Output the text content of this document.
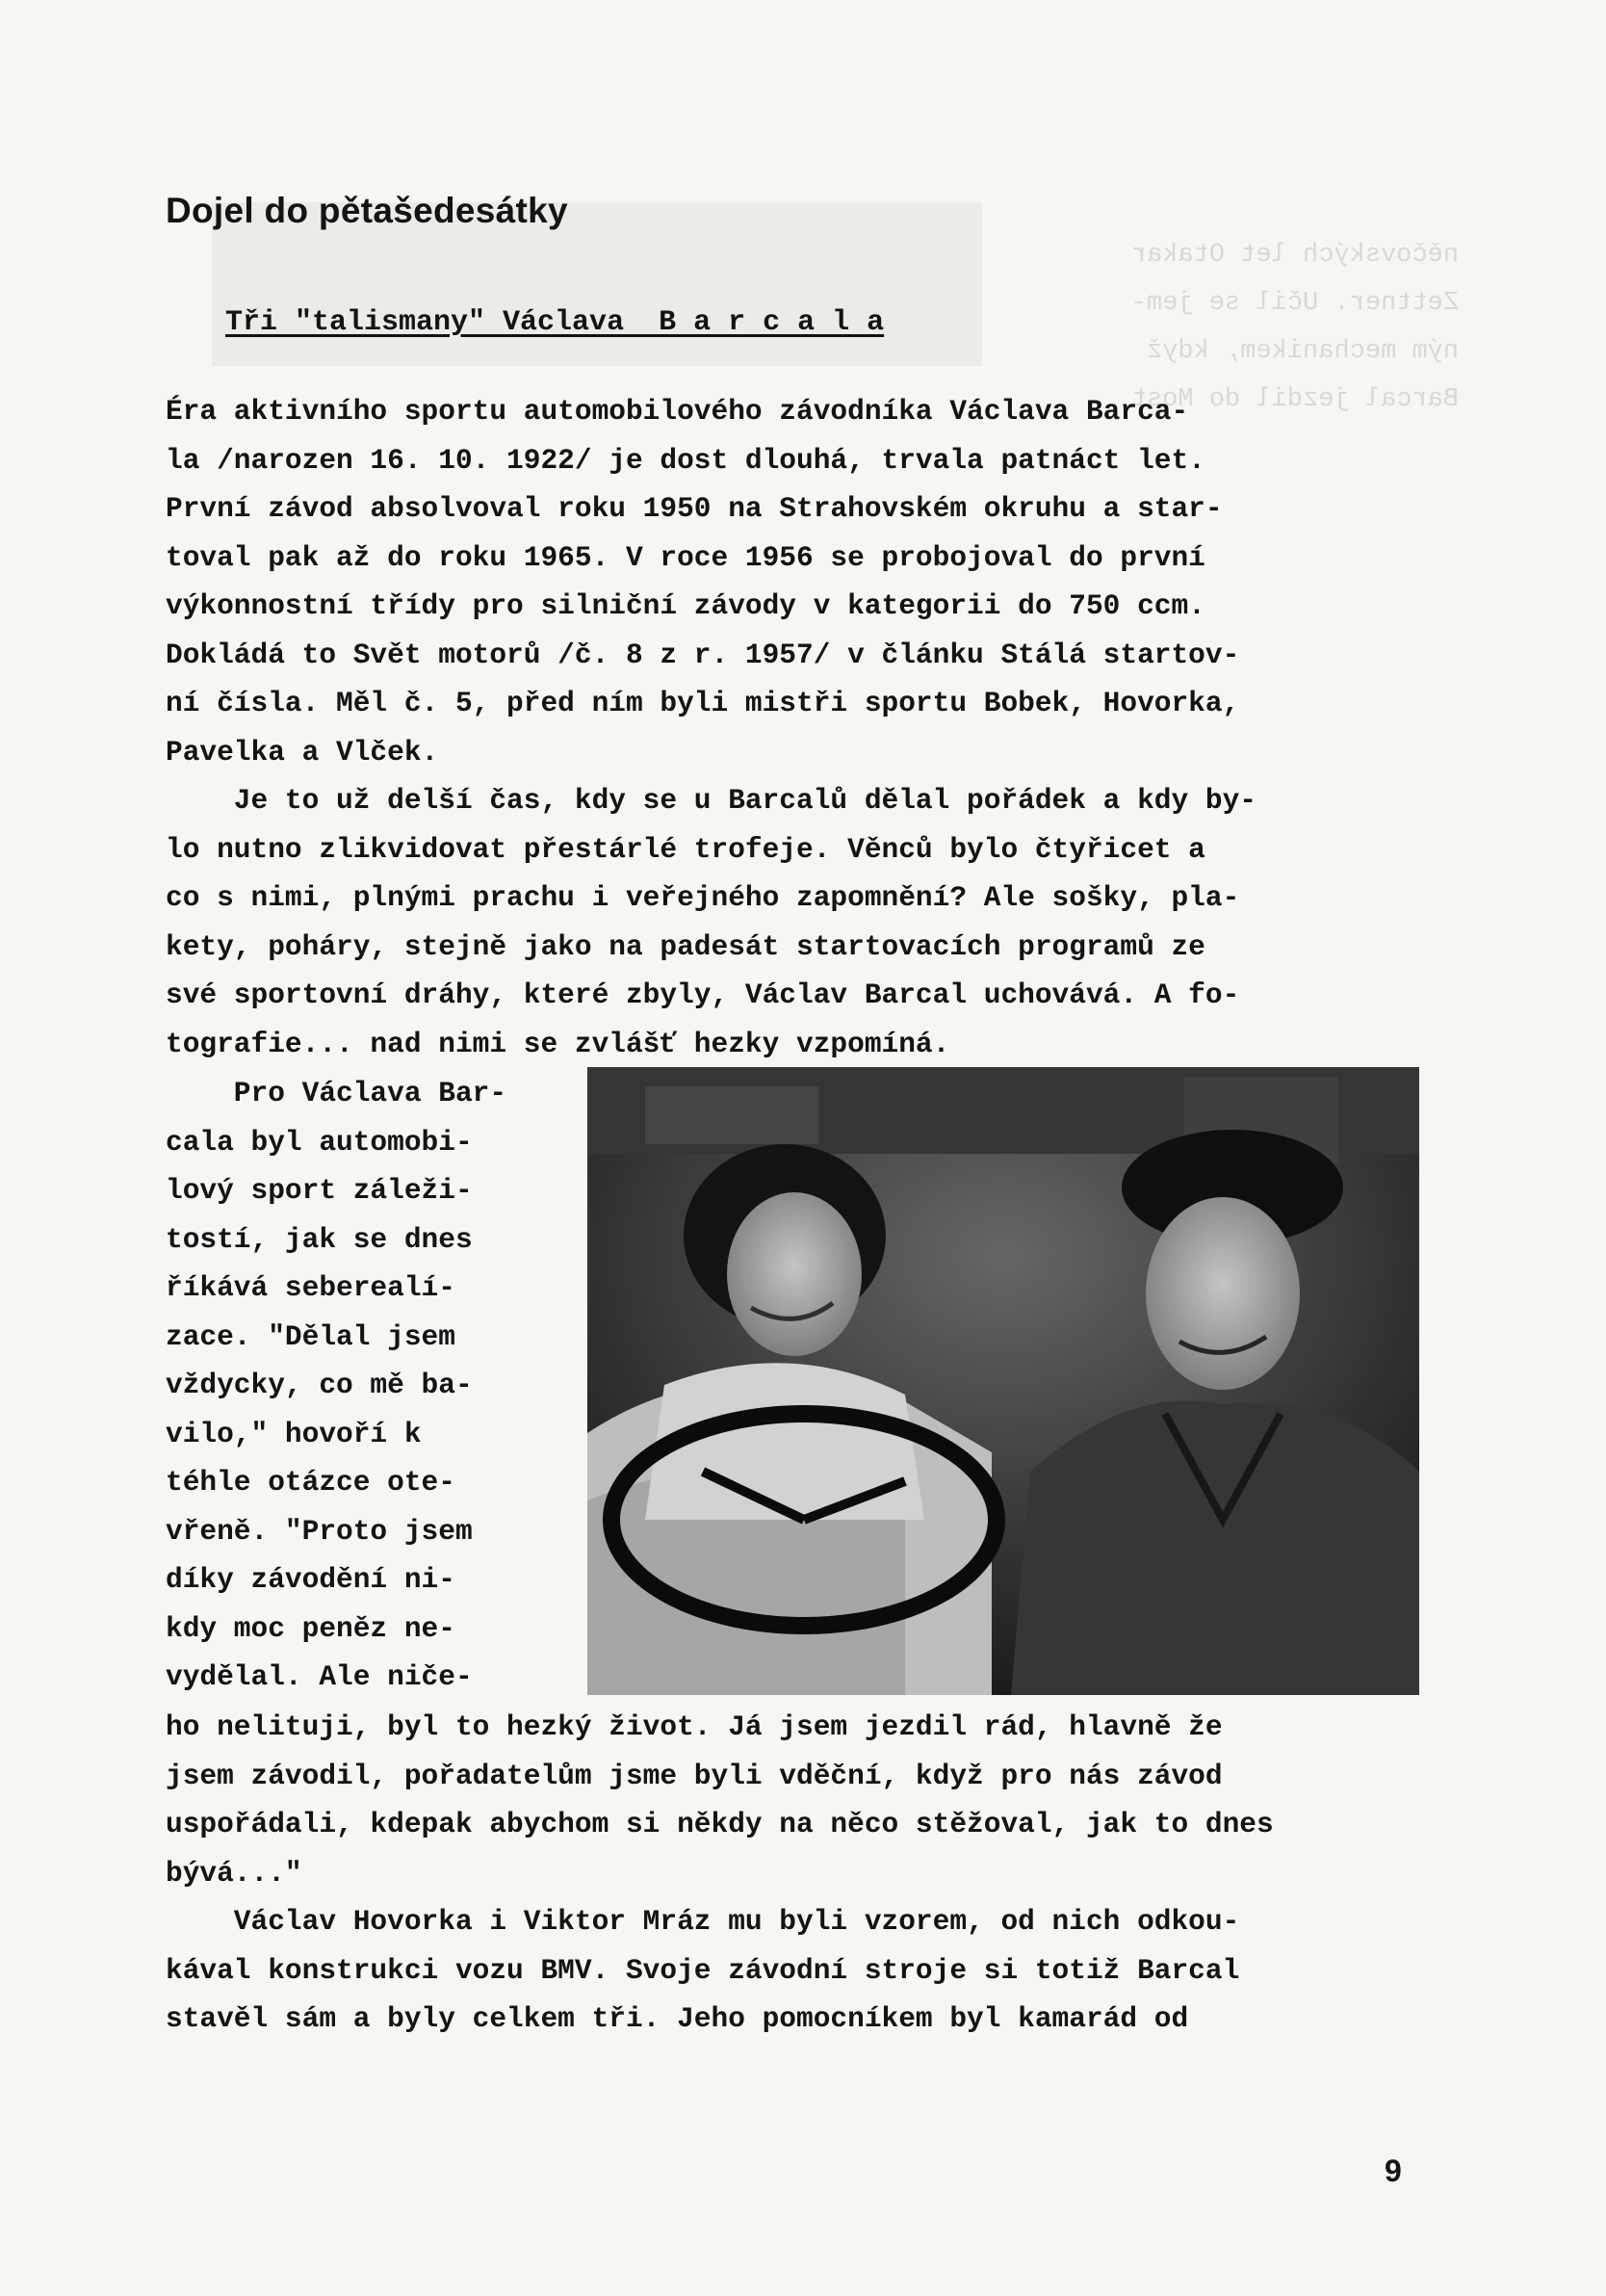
něčovských let Otakar
Zettner. Učil se jem-
ným mechanikem, když
Barcal jezdil do Most

Dojel do pětašedesátky
Tři "talismany" Václava  B a r c a l a

Éra aktivního sportu automobilového závodníka Václava Barca-
la /narozen 16. 10. 1922/ je dost dlouhá, trvala patnáct let.
První závod absolvoval roku 1950 na Strahovském okruhu a star-
toval pak až do roku 1965. V roce 1956 se probojoval do první
výkonnostní třídy pro silniční závody v kategorii do 750 ccm.
Dokládá to Svět motorů /č. 8 z r. 1957/ v článku Stálá startov-
ní čísla. Měl č. 5, před ním byli mistři sportu Bobek, Hovorka,
Pavelka a Vlček.

Je to už delší čas, kdy se u Barcalů dělal pořádek a kdy by-
lo nutno zlikvidovat přestárlé trofeje. Věnců bylo čtyřicet a
co s nimi, plnými prachu i veřejného zapomnění? Ale sošky, pla-
kety, poháry, stejně jako na padesát startovacích programů ze
své sportovní dráhy, které zbyly, Václav Barcal uchovává. A fo-
tografie... nad nimi se zvlášť hezky vzpomíná.

Pro Václava Bar-
cala byl automobi-
lový sport záleži-
tostí, jak se dnes
říkává seberealí-
zace. "Dělal jsem
vždycky, co mě ba-
vilo," hovoří k
téhle otázce ote-
vřeně. "Proto jsem
díky závodění ni-
kdy moc peněz ne-
vydělal. Ale niče-

ho nelituji, byl to hezký život. Já jsem jezdil rád, hlavně že
jsem závodil, pořadatelům jsme byli vděční, když pro nás závod
uspořádali, kdepak abychom si někdy na něco stěžoval, jak to dnes
bývá..."

Václav Hovorka i Viktor Mráz mu byli vzorem, od nich odkou-
kával konstrukci vozu BMV. Svoje závodní stroje si totiž Barcal
stavěl sám a byly celkem tři. Jeho pomocníkem byl kamarád od

9
